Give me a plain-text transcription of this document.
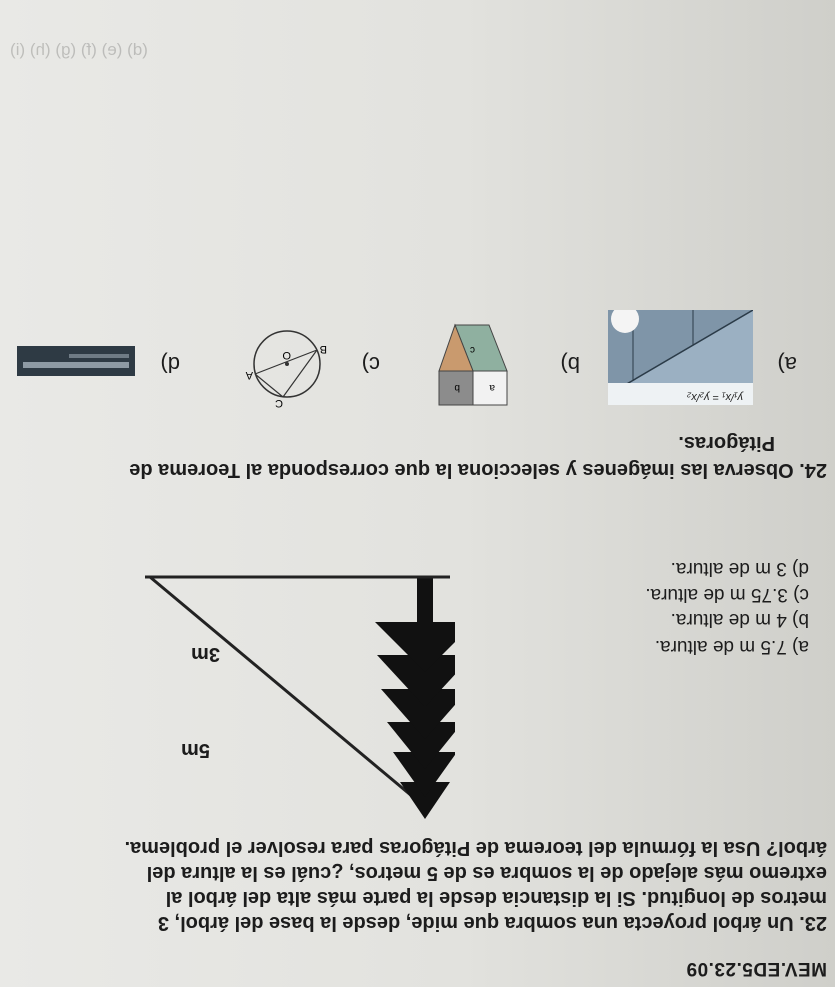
(d) (e) (f) (g) (h) (i)
MEV.ED5.23.09
23. Un árbol proyecta una sombra que mide, desde la base del árbol, 3
metros de longitud. Si la distancia desde la parte más alta del árbol al
extremo más alejado de la sombra es de 5 metros, ¿cuál es la altura del
árbol? Usa la fórmula del teorema de Pitágoras para resolver el problema.
5m
3m	a) 7.5 m de altura.
b) 4 m de altura.
c) 3.75 m de altura.
d) 3 m de altura.
24. Observa las imágenes y selecciona la que corresponda al Teorema de
Pitágoras.
a)
y₁/x₁ = y₂/x₂
b)
a
b
c
c)
B
A
C
O
d)
